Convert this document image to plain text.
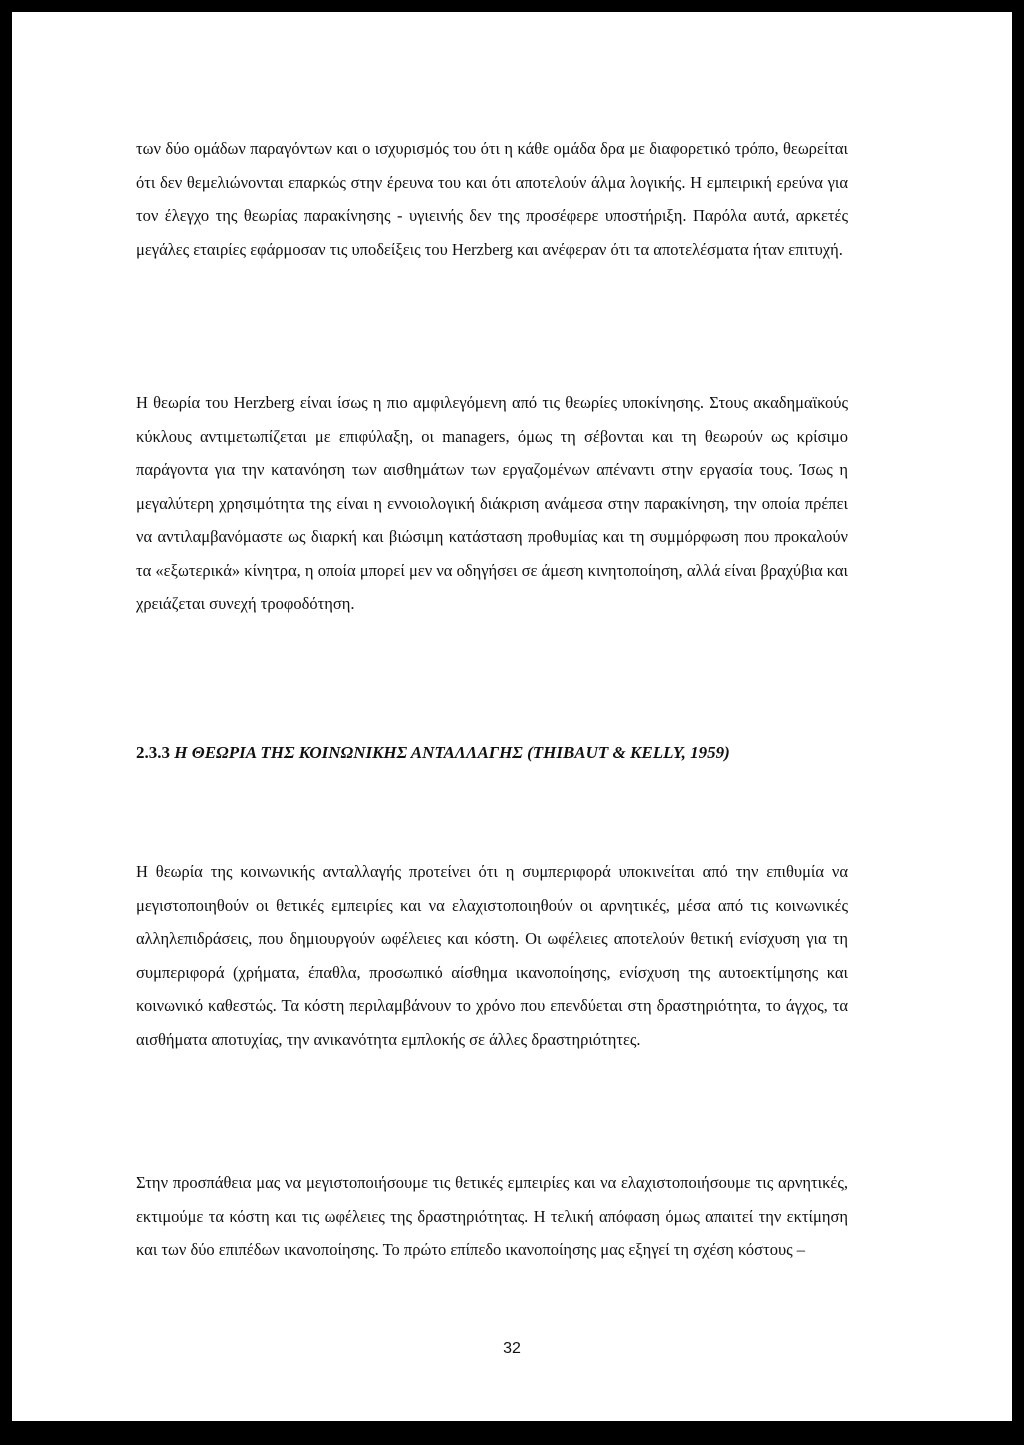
των δύο ομάδων παραγόντων και ο ισχυρισμός του ότι η κάθε ομάδα δρα με διαφορετικό τρόπο, θεωρείται ότι δεν θεμελιώνονται επαρκώς στην έρευνα του και ότι αποτελούν άλμα λογικής. Η εμπειρική ερεύνα για τον έλεγχο της θεωρίας παρακίνησης - υγιεινής δεν της προσέφερε υποστήριξη. Παρόλα αυτά, αρκετές μεγάλες εταιρίες εφάρμοσαν τις υποδείξεις του Herzberg και ανέφεραν ότι τα αποτελέσματα ήταν επιτυχή.

Η θεωρία του Herzberg είναι ίσως η πιο αμφιλεγόμενη από τις θεωρίες υποκίνησης. Στους ακαδημαϊκούς κύκλους αντιμετωπίζεται με επιφύλαξη, οι managers, όμως τη σέβονται και τη θεωρούν ως κρίσιμο παράγοντα για την κατανόηση των αισθημάτων των εργαζομένων απέναντι στην εργασία τους. Ίσως η μεγαλύτερη χρησιμότητα της είναι η εννοιολογική διάκριση ανάμεσα στην παρακίνηση, την οποία πρέπει να αντιλαμβανόμαστε ως διαρκή και βιώσιμη κατάσταση προθυμίας και τη συμμόρφωση που προκαλούν τα «εξωτερικά» κίνητρα, η οποία μπορεί μεν να οδηγήσει σε άμεση κινητοποίηση, αλλά είναι βραχύβια και χρειάζεται συνεχή τροφοδότηση.

2.3.3 Η ΘΕΩΡΙΑ ΤΗΣ ΚΟΙΝΩΝΙΚΗΣ ΑΝΤΑΛΛΑΓΗΣ (THIBAUT & KELLY, 1959)

Η θεωρία της κοινωνικής ανταλλαγής προτείνει ότι η συμπεριφορά υποκινείται από την επιθυμία να μεγιστοποιηθούν οι θετικές εμπειρίες και να ελαχιστοποιηθούν οι αρνητικές, μέσα από τις κοινωνικές αλληλεπιδράσεις, που δημιουργούν ωφέλειες και κόστη. Οι ωφέλειες αποτελούν θετική ενίσχυση για τη συμπεριφορά (χρήματα, έπαθλα, προσωπικό αίσθημα ικανοποίησης, ενίσχυση της αυτοεκτίμησης και κοινωνικό καθεστώς. Τα κόστη περιλαμβάνουν το χρόνο που επενδύεται στη δραστηριότητα, το άγχος, τα αισθήματα αποτυχίας, την ανικανότητα εμπλοκής σε άλλες δραστηριότητες.

Στην προσπάθεια μας να μεγιστοποιήσουμε τις θετικές εμπειρίες και να ελαχιστοποιήσουμε τις αρνητικές, εκτιμούμε τα κόστη και τις ωφέλειες της δραστηριότητας. Η τελική απόφαση όμως απαιτεί την εκτίμηση και των δύο επιπέδων ικανοποίησης. Το πρώτο επίπεδο ικανοποίησης μας εξηγεί τη σχέση κόστους –

32
